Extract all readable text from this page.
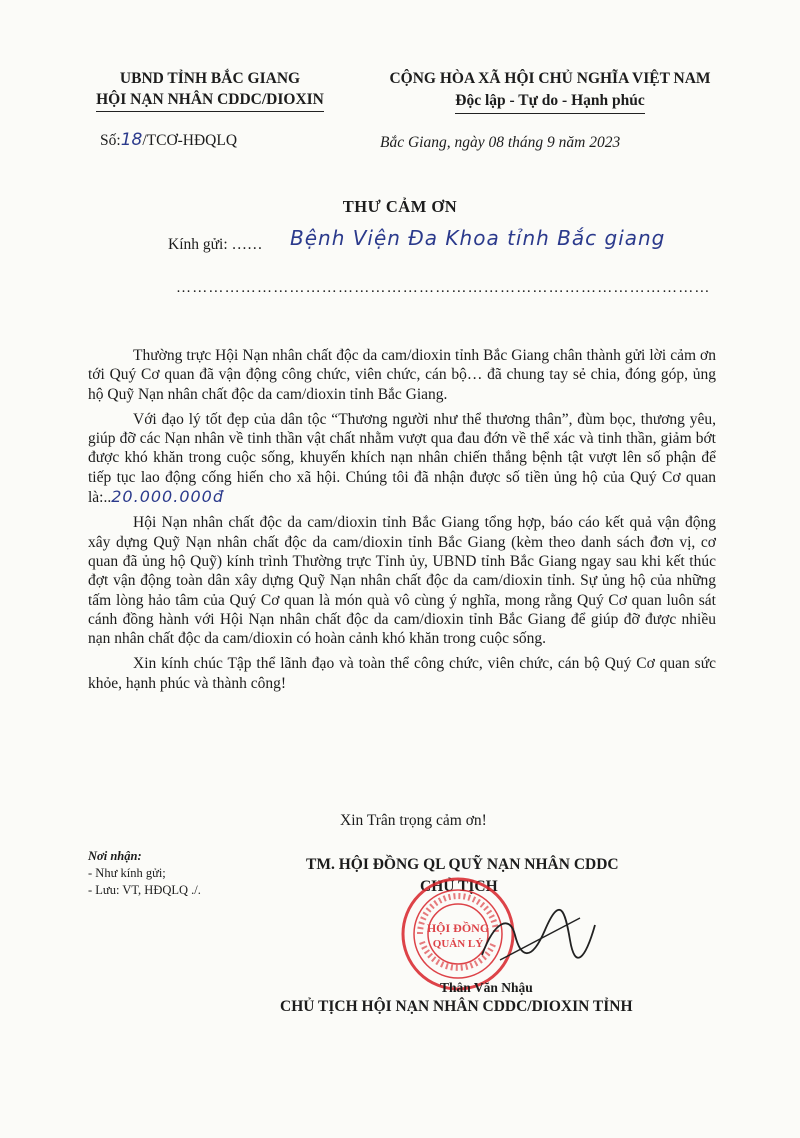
UBND TỈNH BẮC GIANG
HỘI NẠN NHÂN CDDC/DIOXIN
CỘNG HÒA XÃ HỘI CHỦ NGHĨA VIỆT NAM
Độc lập - Tự do - Hạnh phúc
Số:18/TCƠ-HĐQLQ	Bắc Giang, ngày 08 tháng 9 năm 2023
THƯ CẢM ƠN
Kính gửi: …… Bệnh Viện Đa Khoa tỉnh Bắc giang
………………………………………………………………………………………

Thường trực Hội Nạn nhân chất độc da cam/dioxin tỉnh Bắc Giang chân thành gửi lời cảm ơn tới Quý Cơ quan đã vận động công chức, viên chức, cán bộ… đã chung tay sẻ chia, đóng góp, ủng hộ Quỹ Nạn nhân chất độc da cam/dioxin tỉnh Bắc Giang.

Với đạo lý tốt đẹp của dân tộc “Thương người như thể thương thân”, đùm bọc, thương yêu, giúp đỡ các Nạn nhân về tinh thần vật chất nhằm vượt qua đau đớn về thể xác và tinh thần, giảm bớt được khó khăn trong cuộc sống, khuyến khích nạn nhân chiến thắng bệnh tật vượt lên số phận để tiếp tục lao động cống hiến cho xã hội. Chúng tôi đã nhận được số tiền ủng hộ của Quý Cơ quan là:..20.000.000đ

Hội Nạn nhân chất độc da cam/dioxin tỉnh Bắc Giang tổng hợp, báo cáo kết quả vận động xây dựng Quỹ Nạn nhân chất độc da cam/dioxin tỉnh Bắc Giang (kèm theo danh sách đơn vị, cơ quan đã ủng hộ Quỹ) kính trình Thường trực Tỉnh ủy, UBND tỉnh Bắc Giang ngay sau khi kết thúc đợt vận động toàn dân xây dựng Quỹ Nạn nhân chất độc da cam/dioxin tỉnh. Sự ủng hộ của những tấm lòng hảo tâm của Quý Cơ quan là món quà vô cùng ý nghĩa, mong rằng Quý Cơ quan luôn sát cánh đồng hành với Hội Nạn nhân chất độc da cam/dioxin tỉnh Bắc Giang để giúp đỡ được nhiều nạn nhân chất độc da cam/dioxin có hoàn cảnh khó khăn trong cuộc sống.

Xin kính chúc Tập thể lãnh đạo và toàn thể công chức, viên chức, cán bộ Quý Cơ quan sức khỏe, hạnh phúc và thành công!

Xin Trân trọng cảm ơn!
Nơi nhận:
- Như kính gửi;
- Lưu: VT, HĐQLQ ./.
TM. HỘI ĐỒNG QL QUỸ NẠN NHÂN CDDC
CHỦ TỊCH
HỘI ĐỒNG
QUẢN LÝ
Thân Văn Nhậu
CHỦ TỊCH HỘI NẠN NHÂN CDDC/DIOXIN TỈNH
